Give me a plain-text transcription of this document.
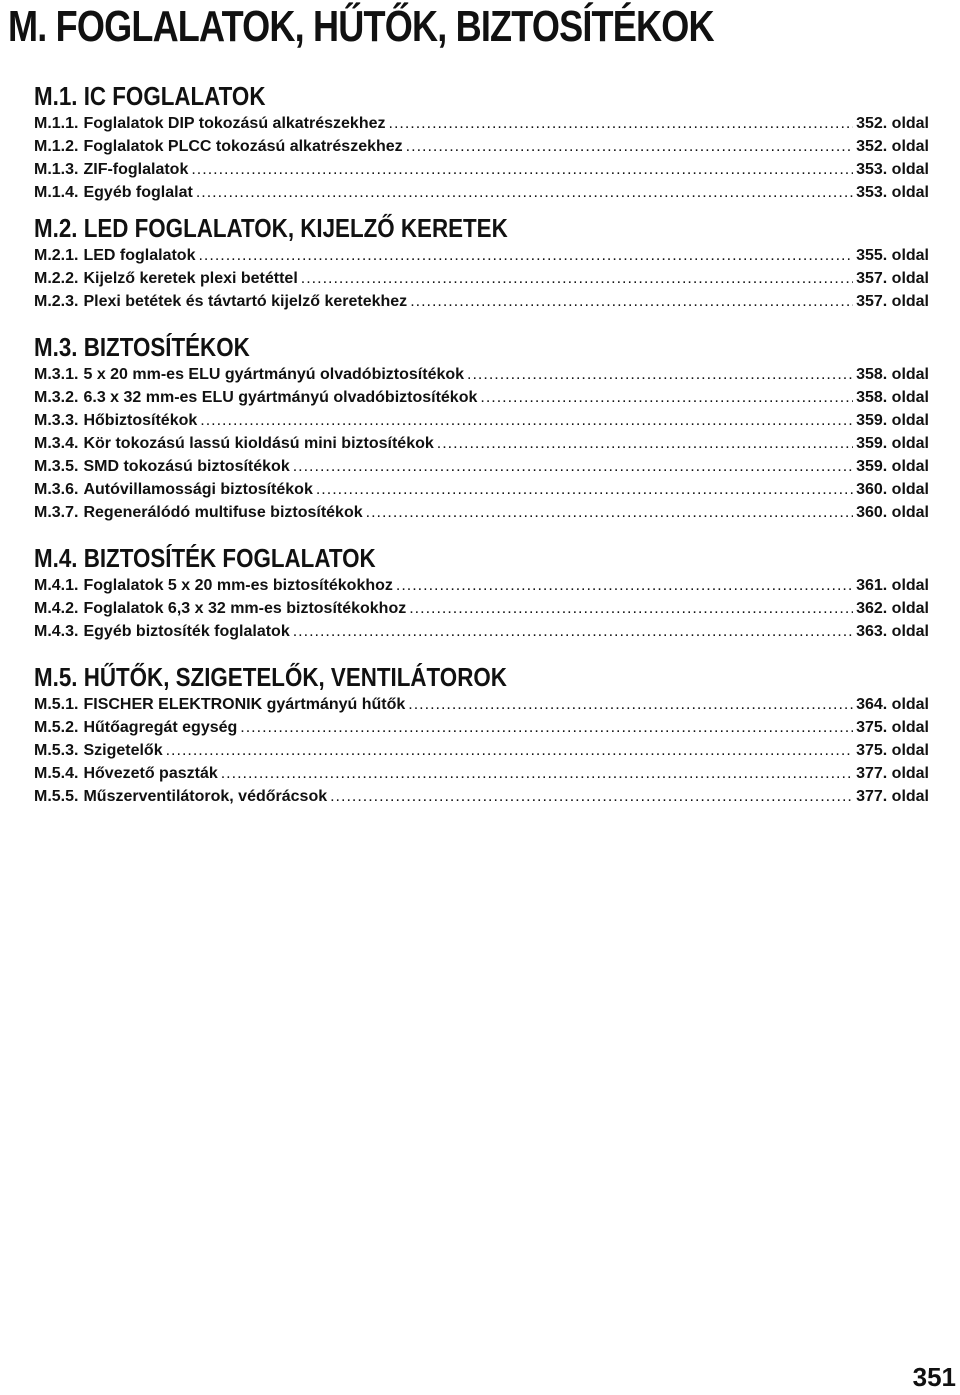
M. FOGLALATOK, HŰTŐK, BIZTOSÍTÉKOK
M.1. IC FOGLALATOK
M.1.1. Foglalatok DIP tokozású alkatrészekhez .....	352. oldal
M.1.2. Foglalatok PLCC tokozású alkatrészekhez .....	352. oldal
M.1.3. ZIF-foglalatok .....	353. oldal
M.1.4. Egyéb foglalat .....	353. oldal
M.2. LED FOGLALATOK, KIJELZŐ KERETEK
M.2.1. LED foglalatok .....	355. oldal
M.2.2. Kijelző keretek plexi betéttel .....	357. oldal
M.2.3. Plexi betétek és távtartó kijelző keretekhez .....	357. oldal
M.3. BIZTOSÍTÉKOK
M.3.1. 5 x 20 mm-es ELU gyártmányú olvadóbiztosítékok .....	358. oldal
M.3.2. 6.3 x 32 mm-es ELU gyártmányú olvadóbiztosítékok .....	358. oldal
M.3.3. Hőbiztosítékok .....	359. oldal
M.3.4. Kör tokozású lassú kioldású mini biztosítékok .....	359. oldal
M.3.5. SMD tokozású biztosítékok .....	359. oldal
M.3.6. Autóvillamossági biztosítékok .....	360. oldal
M.3.7. Regenerálódó multifuse biztosítékok .....	360. oldal
M.4. BIZTOSÍTÉK FOGLALATOK
M.4.1. Foglalatok 5 x 20 mm-es biztosítékokhoz .....	361. oldal
M.4.2. Foglalatok 6,3 x 32 mm-es biztosítékokhoz .....	362. oldal
M.4.3. Egyéb biztosíték foglalatok .....	363. oldal
M.5. HŰTŐK, SZIGETELŐK, VENTILÁTOROK
M.5.1. FISCHER ELEKTRONIK gyártmányú hűtők .....	364. oldal
M.5.2. Hűtőagregát egység .....	375. oldal
M.5.3. Szigetelők .....	375. oldal
M.5.4. Hővezető paszták .....	377. oldal
M.5.5. Műszerventilátorok, védőrácsok .....	377. oldal
351
